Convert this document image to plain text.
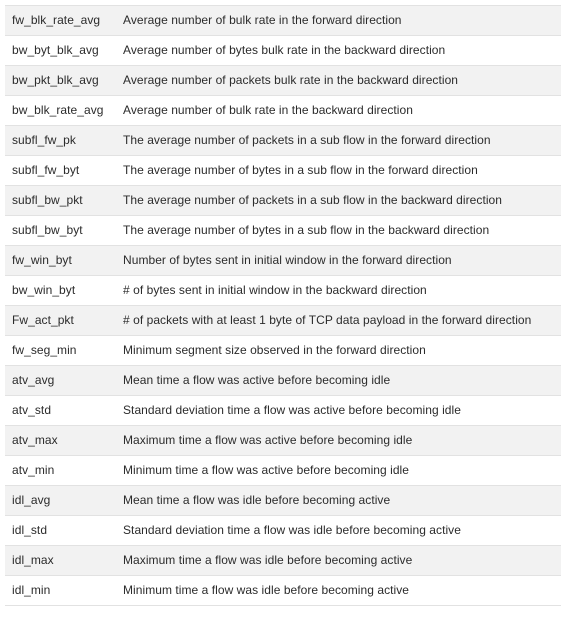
fw_blk_rate_avg	Average number of bulk rate in the forward direction
bw_byt_blk_avg	Average number of bytes bulk rate in the backward direction
bw_pkt_blk_avg	Average number of packets bulk rate in the backward direction
bw_blk_rate_avg	Average number of bulk rate in the backward direction
subfl_fw_pk	The average number of packets in a sub flow in the forward direction
subfl_fw_byt	The average number of bytes in a sub flow in the forward direction
subfl_bw_pkt	The average number of packets in a sub flow in the backward direction
subfl_bw_byt	The average number of bytes in a sub flow in the backward direction
fw_win_byt	Number of bytes sent in initial window in the forward direction
bw_win_byt	# of bytes sent in initial window in the backward direction
Fw_act_pkt	# of packets with at least 1 byte of TCP data payload in the forward direction
fw_seg_min	Minimum segment size observed in the forward direction
atv_avg	Mean time a flow was active before becoming idle
atv_std	Standard deviation time a flow was active before becoming idle
atv_max	Maximum time a flow was active before becoming idle
atv_min	Minimum time a flow was active before becoming idle
idl_avg	Mean time a flow was idle before becoming active
idl_std	Standard deviation time a flow was idle before becoming active
idl_max	Maximum time a flow was idle before becoming active
idl_min	Minimum time a flow was idle before becoming active
